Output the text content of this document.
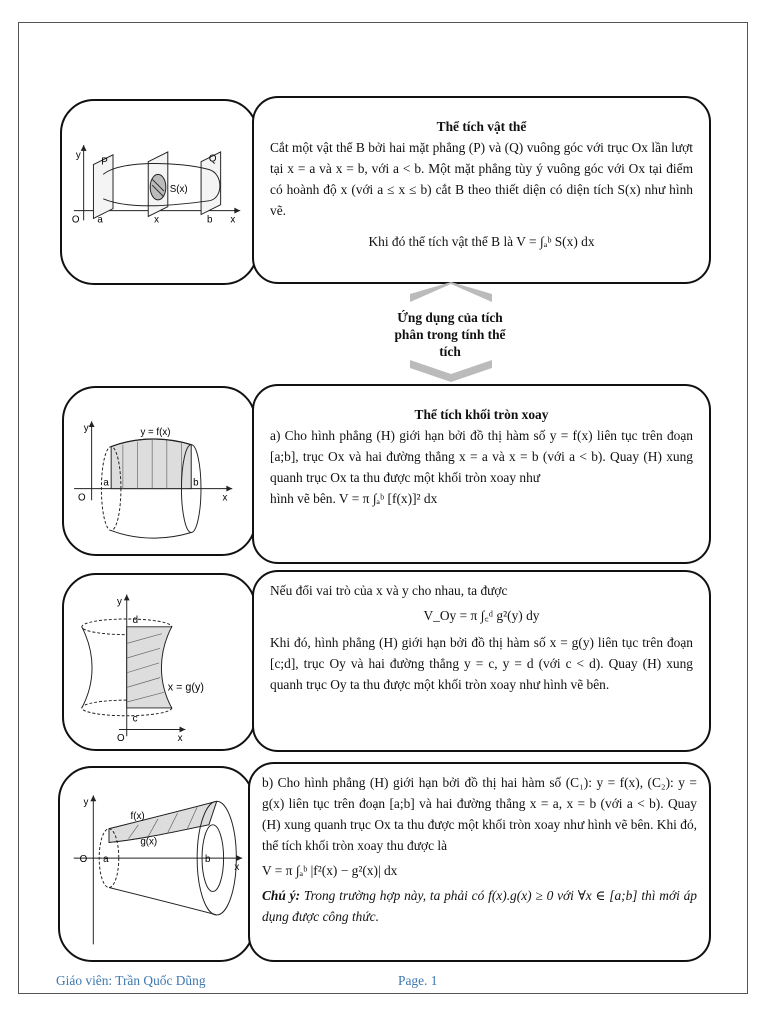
y
P	Q
S(x)
O a	x	b x
Thể tích vật thể
Cắt một vật thể B bởi hai mặt phẳng (P) và (Q) vuông góc với trục Ox lần lượt tại x = a và x = b, với a < b. Một mặt phẳng tùy ý vuông góc với Ox tại điểm có hoành độ x (với a ≤ x ≤ b) cắt B theo thiết diện có diện tích S(x) như hình vẽ.
Khi đó thể tích vật thể B là V = ∫ₐᵇ S(x) dx
Ứng dụng của tích phân trong tính thể tích
y	y = f(x)
O
a	b
x
Thể tích khối tròn xoay
a) Cho hình phẳng (H) giới hạn bởi đồ thị hàm số y = f(x) liên tục trên đoạn [a;b], trục Ox và hai đường thẳng x = a và x = b (với a < b). Quay (H) xung quanh trục Ox ta thu được một khối tròn xoay như
hình vẽ bên. V = π ∫ₐᵇ [f(x)]² dx
y
d
x = g(y)
c
O	x
Nếu đổi vai trò của x và y cho nhau, ta được
V_Oy = π ∫꜀ᵈ g²(y) dy
Khi đó, hình phẳng (H) giới hạn bởi đồ thị hàm số x = g(y) liên tục trên đoạn [c;d], trục Oy và hai đường thẳng y = c, y = d (với c < d). Quay (H) xung quanh trục Oy ta thu được một khối tròn xoay như hình vẽ bên.
y
f(x)
g(x)
O a	b
x
b) Cho hình phẳng (H) giới hạn bởi đồ thị hai hàm số (C₁): y = f(x), (C₂): y = g(x) liên tục trên đoạn [a;b] và hai đường thẳng x = a, x = b (với a < b). Quay (H) xung quanh trục Ox ta thu được một khối tròn xoay như hình vẽ bên. Khi đó, thể tích khối tròn xoay thu được là
V = π ∫ₐᵇ |f²(x) − g²(x)| dx
Chú ý: Trong trường hợp này, ta phải có f(x).g(x) ≥ 0 với ∀x ∈ [a;b] thì mới áp dụng được công thức.
Giáo viên: Trần Quốc Dũng	Page. 1
